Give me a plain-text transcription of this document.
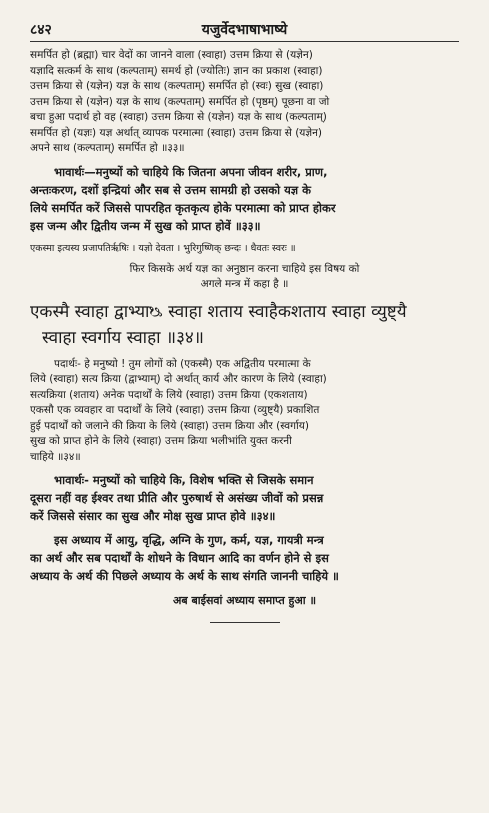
८४२	यजुर्वेदभाषाभाष्ये
समर्पित हो (ब्रह्मा) चार वेदों का जानने वाला (स्वाहा) उत्तम क्रिया से (यज्ञेन)
यज्ञादि सत्कर्म के साथ (कल्पताम्) समर्थ हो (ज्योतिः) ज्ञान का प्रकाश (स्वाहा)
उत्तम क्रिया से (यज्ञेन) यज्ञ के साथ (कल्पताम्) समर्पित हो (स्वः) सुख (स्वाहा)
उत्तम क्रिया से (यज्ञेन) यज्ञ के साथ (कल्पताम्) समर्पित हो (पृष्ठम्) पूछना वा जो
बचा हुआ पदार्थ हो वह (स्वाहा) उत्तम क्रिया से (यज्ञेन) यज्ञ के साथ (कल्पताम्)
समर्पित हो (यज्ञः) यज्ञ अर्थात् व्यापक परमात्मा (स्वाहा) उत्तम क्रिया से (यज्ञेन)
अपने साथ (कल्पताम्) समर्पित हो ॥३३॥
भावार्थः—मनुष्यों को चाहिये कि जितना अपना जीवन शरीर, प्राण,
अन्तःकरण, दशों इन्द्रियां और सब से उत्तम सामग्री हो उसको यज्ञ के
लिये समर्पित करें जिससे पापरहित कृतकृत्य होके परमात्मा को प्राप्त होकर
इस जन्म और द्वितीय जन्म में सुख को प्राप्त होवें ॥३३॥
एकस्मा इत्यस्य प्रजापतिर्ऋषिः । यज्ञो देवता । भुरिगुष्णिक् छन्दः । धैवतः स्वरः ॥
फिर किसके अर्थ यज्ञ का अनुष्ठान करना चाहिये इस विषय को
अगले मन्त्र में कहा है ॥
एकस्मै स्वाहा द्वाभ्याᳬ स्वाहा शताय स्वाहैकशताय स्वाहा व्युष्ट्यै
स्वाहा स्वर्गाय स्वाहा ॥३४॥
पदार्थः- हे मनुष्यो ! तुम लोगों को (एकस्मै) एक अद्वितीय परमात्मा के
लिये (स्वाहा) सत्य क्रिया (द्वाभ्याम्) दो अर्थात् कार्य और कारण के लिये (स्वाहा)
सत्यक्रिया (शताय) अनेक पदार्थों के लिये (स्वाहा) उत्तम क्रिया (एकशताय)
एकसौ एक व्यवहार वा पदार्थों के लिये (स्वाहा) उत्तम क्रिया (व्युष्ट्यै) प्रकाशित
हुई पदार्थों को जलाने की क्रिया के लिये (स्वाहा) उत्तम क्रिया और (स्वर्गाय)
सुख को प्राप्त होने के लिये (स्वाहा) उत्तम क्रिया भलीभांति युक्त करनी
चाहिये ॥३४॥
भावार्थः- मनुष्यों को चाहिये कि, विशेष भक्ति से जिसके समान
दूसरा नहीं वह ईश्वर तथा प्रीति और पुरुषार्थ से असंख्य जीवों को प्रसन्न
करें जिससे संसार का सुख और मोक्ष सुख प्राप्त होवे ॥३४॥
इस अध्याय में आयु, वृद्धि, अग्नि के गुण, कर्म, यज्ञ, गायत्री मन्त्र
का अर्थ और सब पदार्थों के शोधने के विधान आदि का वर्णन होने से इस
अध्याय के अर्थ की पिछले अध्याय के अर्थ के साथ संगति जाननी चाहिये ॥
अब बाईसवां अध्याय समाप्त हुआ ॥
